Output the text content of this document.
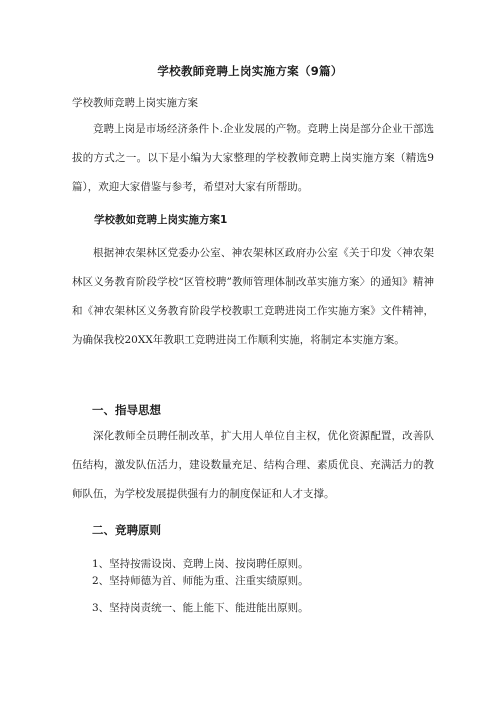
学校教師竞聘上岗实施方案（9篇）
学校教师竞聘上岗实施方案
竞聘上岗是市场经济条件卜.企业发展的产物。竞聘上岗是部分企业干部选拔的方式之一。以下是小编为大家整理的学校教师竞聘上岗实施方案（精选9篇），欢迎大家借鉴与参考，希望对大家有所帮助。
学校教如竞聘上岗实施方案1
根据神农架林区党委办公室、神农架林区政府办公室《关于印发〈神农架林区义务教育阶段学校“区管校聘”教师管理体制改革实施方案〉的通知》精神和《神农架林区义务教育阶段学校教职工竞聘进岗工作实施方案》文件精神，为确保我校20XX年教职工竞聘进岗工作顺利实施，将制定本实施方案。
一、指导思想
深化教师全员聘任制改革，扩大用人单位自主权，优化资源配置，改善队伍结构，激发队伍活力，建设数量充足、结构合理、素质优良、充满活力的教师队伍，为学校发展提供强有力的制度保证和人才支撑。
二、竞聘原则
1、坚持按需设岗、竞聘上岗、按岗聘任原则。
2、坚持师德为首、师能为重、注重实绩原则。
3、坚持岗责统一、能上能下、能进能出原则。
